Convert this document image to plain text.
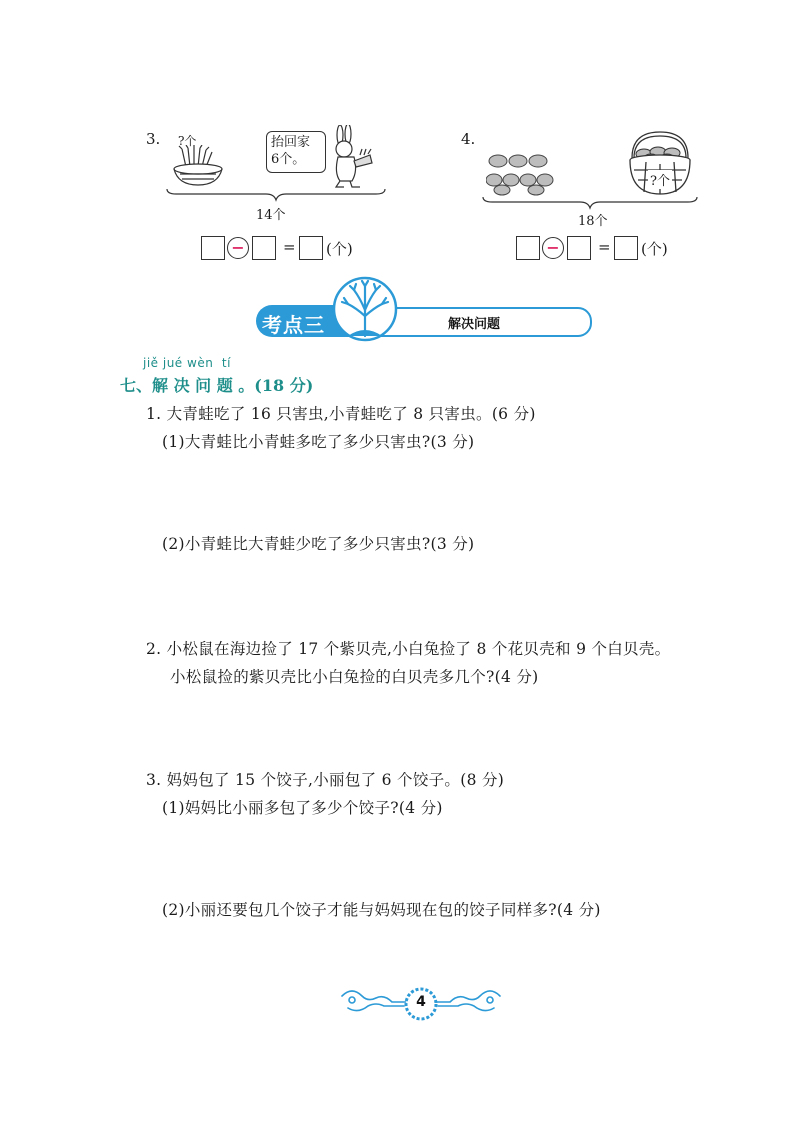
3. ?个	抬回家
6个。
14个
−	= (个)
4.
?个
18个
−	= (个)
考点三	解决问题
jiě jué wèn  tí
七、解 决 问 题 。(18 分)
1. 大青蛙吃了 16 只害虫,小青蛙吃了 8 只害虫。(6 分)
(1)大青蛙比小青蛙多吃了多少只害虫?(3 分)
(2)小青蛙比大青蛙少吃了多少只害虫?(3 分)
2. 小松鼠在海边捡了 17 个紫贝壳,小白兔捡了 8 个花贝壳和 9 个白贝壳。
小松鼠捡的紫贝壳比小白兔捡的白贝壳多几个?(4 分)
3. 妈妈包了 15 个饺子,小丽包了 6 个饺子。(8 分)
(1)妈妈比小丽多包了多少个饺子?(4 分)
(2)小丽还要包几个饺子才能与妈妈现在包的饺子同样多?(4 分)
4
